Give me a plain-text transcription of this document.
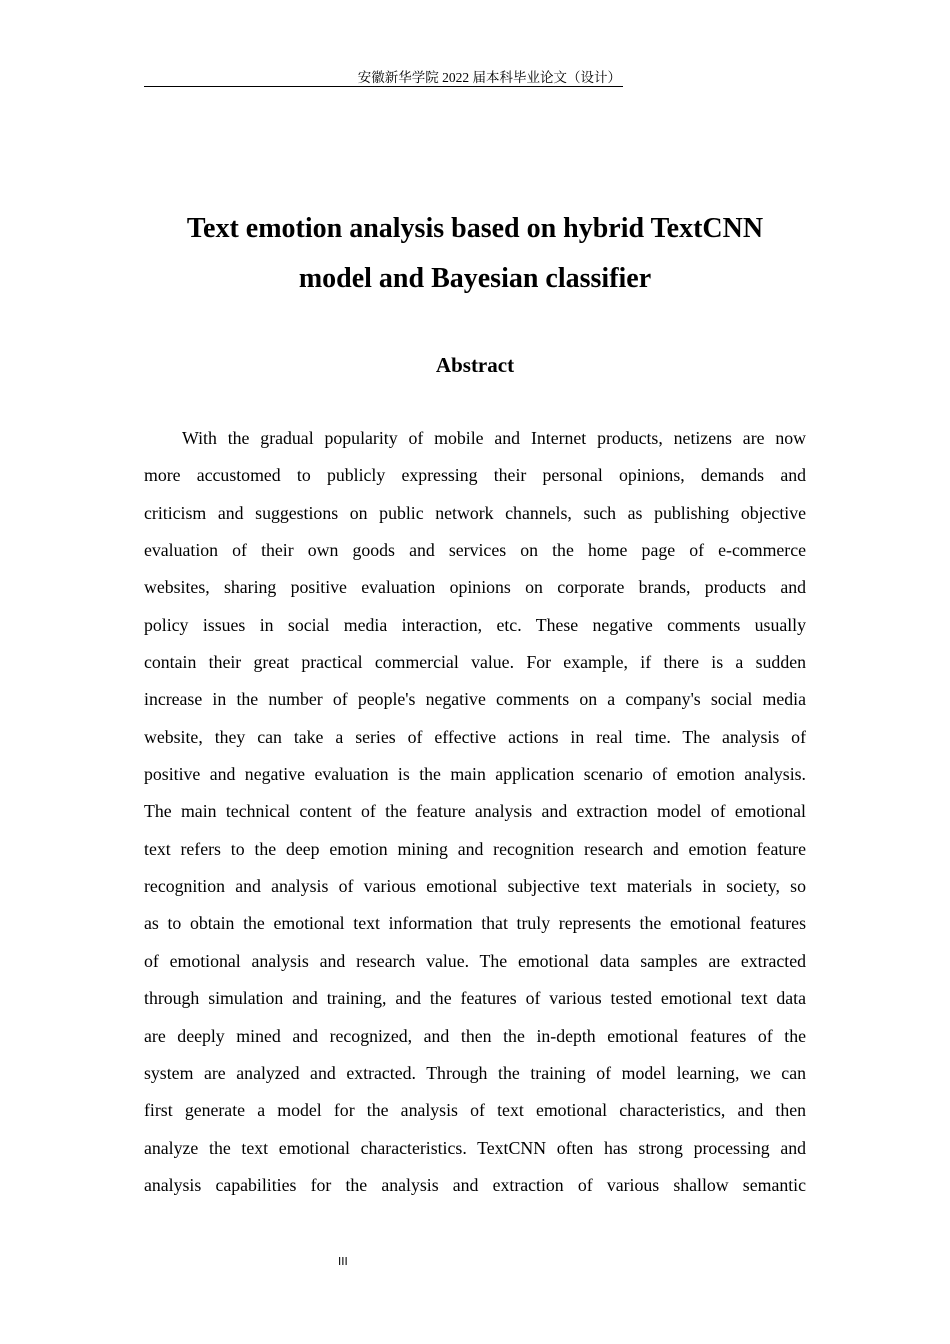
安徽新华学院 2022 届本科毕业论文（设计）
Text emotion analysis based on hybrid TextCNN
model and Bayesian classifier
Abstract
With the gradual popularity of mobile and Internet products, netizens are now
more accustomed to publicly expressing their personal opinions, demands and
criticism and suggestions on public network channels, such as publishing objective
evaluation of their own goods and services on the home page of e-commerce
websites, sharing positive evaluation opinions on corporate brands, products and
policy issues in social media interaction, etc. These negative comments usually
contain their great practical commercial value. For example, if there is a sudden
increase in the number of people's negative comments on a company's social media
website, they can take a series of effective actions in real time. The analysis of
positive and negative evaluation is the main application scenario of emotion analysis.
The main technical content of the feature analysis and extraction model of emotional
text refers to the deep emotion mining and recognition research and emotion feature
recognition and analysis of various emotional subjective text materials in society, so
as to obtain the emotional text information that truly represents the emotional features
of emotional analysis and research value. The emotional data samples are extracted
through simulation and training, and the features of various tested emotional text data
are deeply mined and recognized, and then the in-depth emotional features of the
system are analyzed and extracted. Through the training of model learning, we can
first generate a model for the analysis of text emotional characteristics, and then
analyze the text emotional characteristics. TextCNN often has strong processing and
analysis capabilities for the analysis and extraction of various shallow semantic
III
